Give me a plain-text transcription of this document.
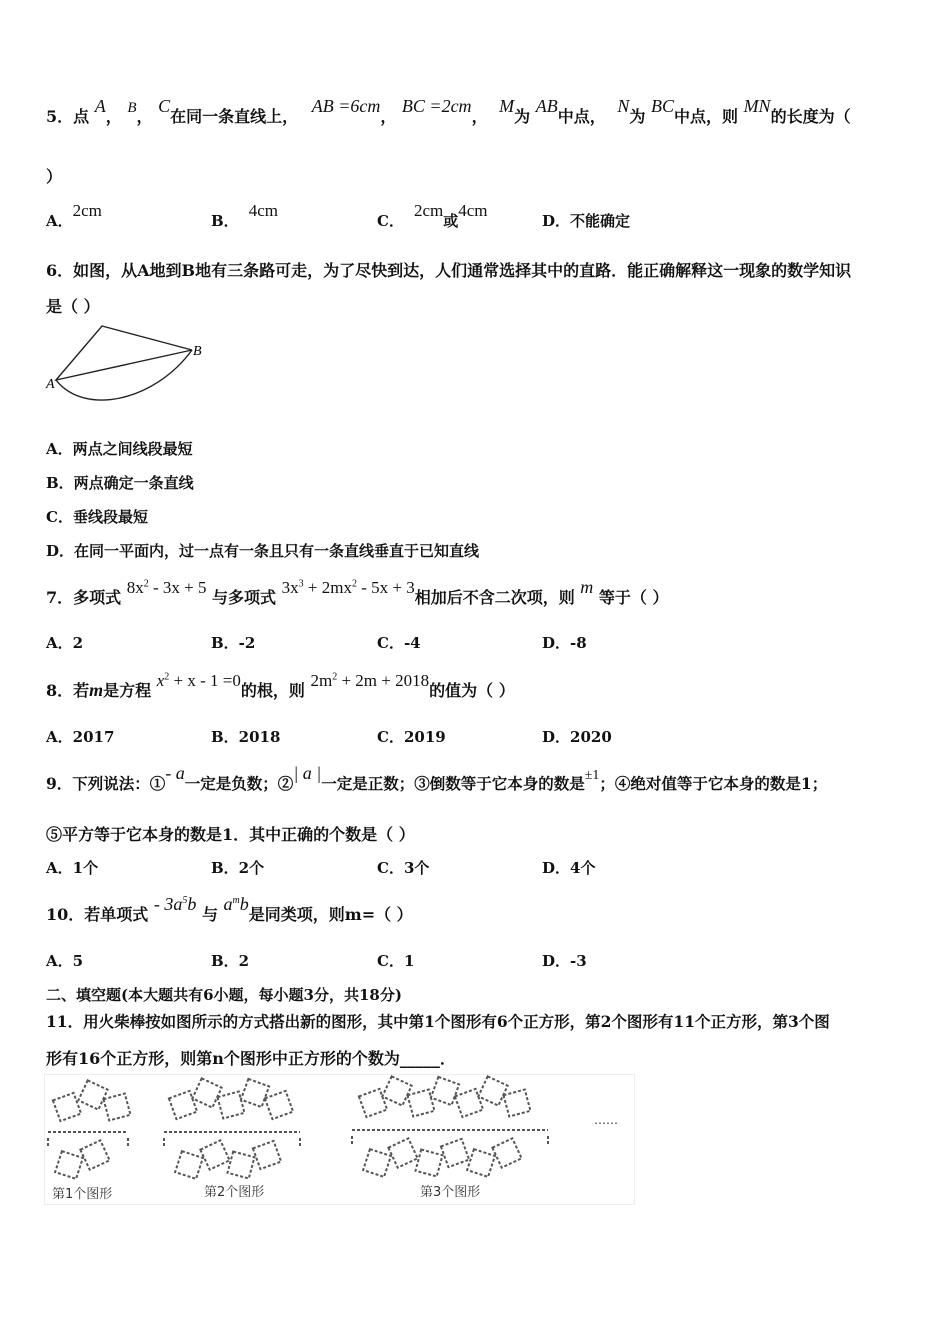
5．点 A， B， C在同一条直线上， AB =6cm， BC =2cm， M为 AB中点， N为 BC中点，则 MN的长度为（
）
A．2cm
B．4cm
C．2cm或4cm
D．不能确定
6．如图，从A地到B地有三条路可走，为了尽快到达，人们通常选择其中的直路．能正确解释这一现象的数学知识
是（ ）
A
B
A．两点之间线段最短
B．两点确定一条直线
C．垂线段最短
D．在同一平面内，过一点有一条且只有一条直线垂直于已知直线
7．多项式 $8x^2 - 3x + 5$ 与多项式 $3x^3 + 2mx^2 - 5x + 3$相加后不含二次项，则 m 等于（ ）
A．2	B．-2	C．-4	D．-8
8．若m是方程 $x^2 + x - 1 =0$的根，则 $2m^2 + 2m + 2018$的值为（ ）
A．2017	B．2018	C．2019	D．2020
9．下列说法：①- a一定是负数；②| a |一定是正数；③倒数等于它本身的数是±1；④绝对值等于它本身的数是1；
⑤平方等于它本身的数是1．其中正确的个数是（ ）
A．1个	B．2个	C．3个	D．4个
10．若单项式 - $3a^5b$ 与 $a^mb$是同类项，则m=（ ）
A．5	B．2	C．1	D．-3
二、填空题(本大题共有6小题，每小题3分，共18分)
11．用火柴棒按如图所示的方式搭出新的图形，其中第1个图形有6个正方形，第2个图形有11个正方形，第3个图
形有16个正方形，则第n个图形中正方形的个数为_____．
第1个图形	第2个图形	第3个图形
……
